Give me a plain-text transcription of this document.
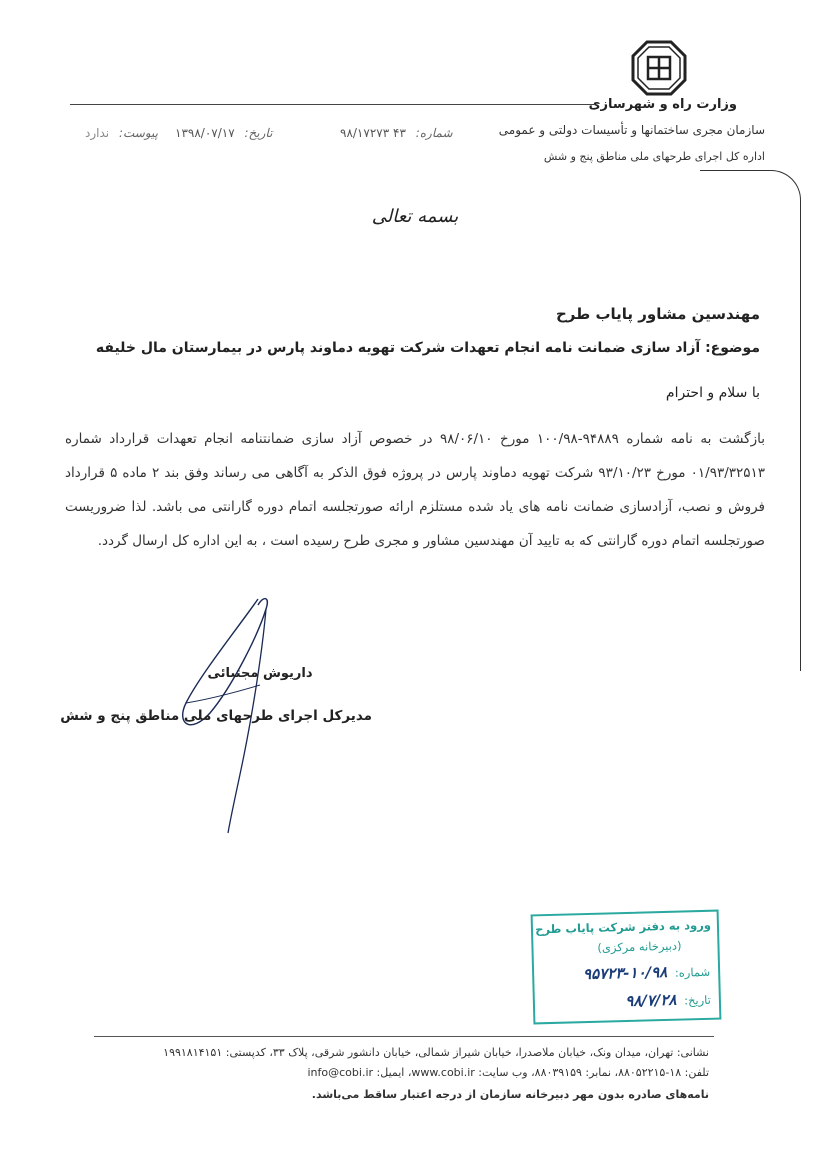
وزارت راه و شهرسازی
سازمان مجری ساختمانها و تأسیسات دولتی و عمومی
اداره کل اجرای طرحهای ملی مناطق پنج و شش
شماره: ۴۳ ۹۸/۱۷۲۷۳
تاریخ: ۱۳۹۸/۰۷/۱۷
پیوست: ندارد
بسمه تعالی
مهندسین مشاور پایاب طرح
موضوع: آزاد سازی ضمانت نامه انجام تعهدات شرکت تهویه دماوند پارس در بیمارستان مال خلیفه
با سلام و احترام
بازگشت به نامه شماره ۹۴۸۸۹-۱۰۰/۹۸ مورخ ۹۸/۰۶/۱۰ در خصوص آزاد سازی ضمانتنامه انجام تعهدات قرارداد شماره ۰۱/۹۳/۳۲۵۱۳ مورخ ۹۳/۱۰/۲۳ شرکت تهویه دماوند پارس در پروژه فوق الذکر به آگاهی می رساند وفق بند ۲ ماده ۵ قرارداد فروش و نصب، آزادسازی ضمانت نامه های یاد شده مستلزم ارائه صورتجلسه اتمام دوره گارانتی می باشد. لذا ضروریست صورتجلسه اتمام دوره گارانتی که به تایید آن مهندسین مشاور و مجری طرح رسیده است ، به این اداره کل ارسال گردد.
داریوش مجتبائی
مدیرکل اجرای طرحهای ملی مناطق پنج و شش
ورود به دفتر شرکت پایاب طرح
(دبیرخانه مرکزی)
شماره: ۱۰/۹۸-۹۵۷۲۳
تاریخ: ۹۸/۷/۲۸
نشانی: تهران، میدان ونک، خیابان ملاصدرا، خیابان شیراز شمالی، خیابان دانشور شرقی، پلاک ۳۳، کدپستی: ۱۹۹۱۸۱۴۱۵۱
تلفن: ۱۸-۸۸۰۵۲۲۱۵، نمابر: ۸۸۰۳۹۱۵۹، وب سایت: www.cobi.ir، ایمیل: info@cobi.ir
نامه‌های صادره بدون مهر دبیرخانه سازمان از درجه اعتبار ساقط می‌باشد.
